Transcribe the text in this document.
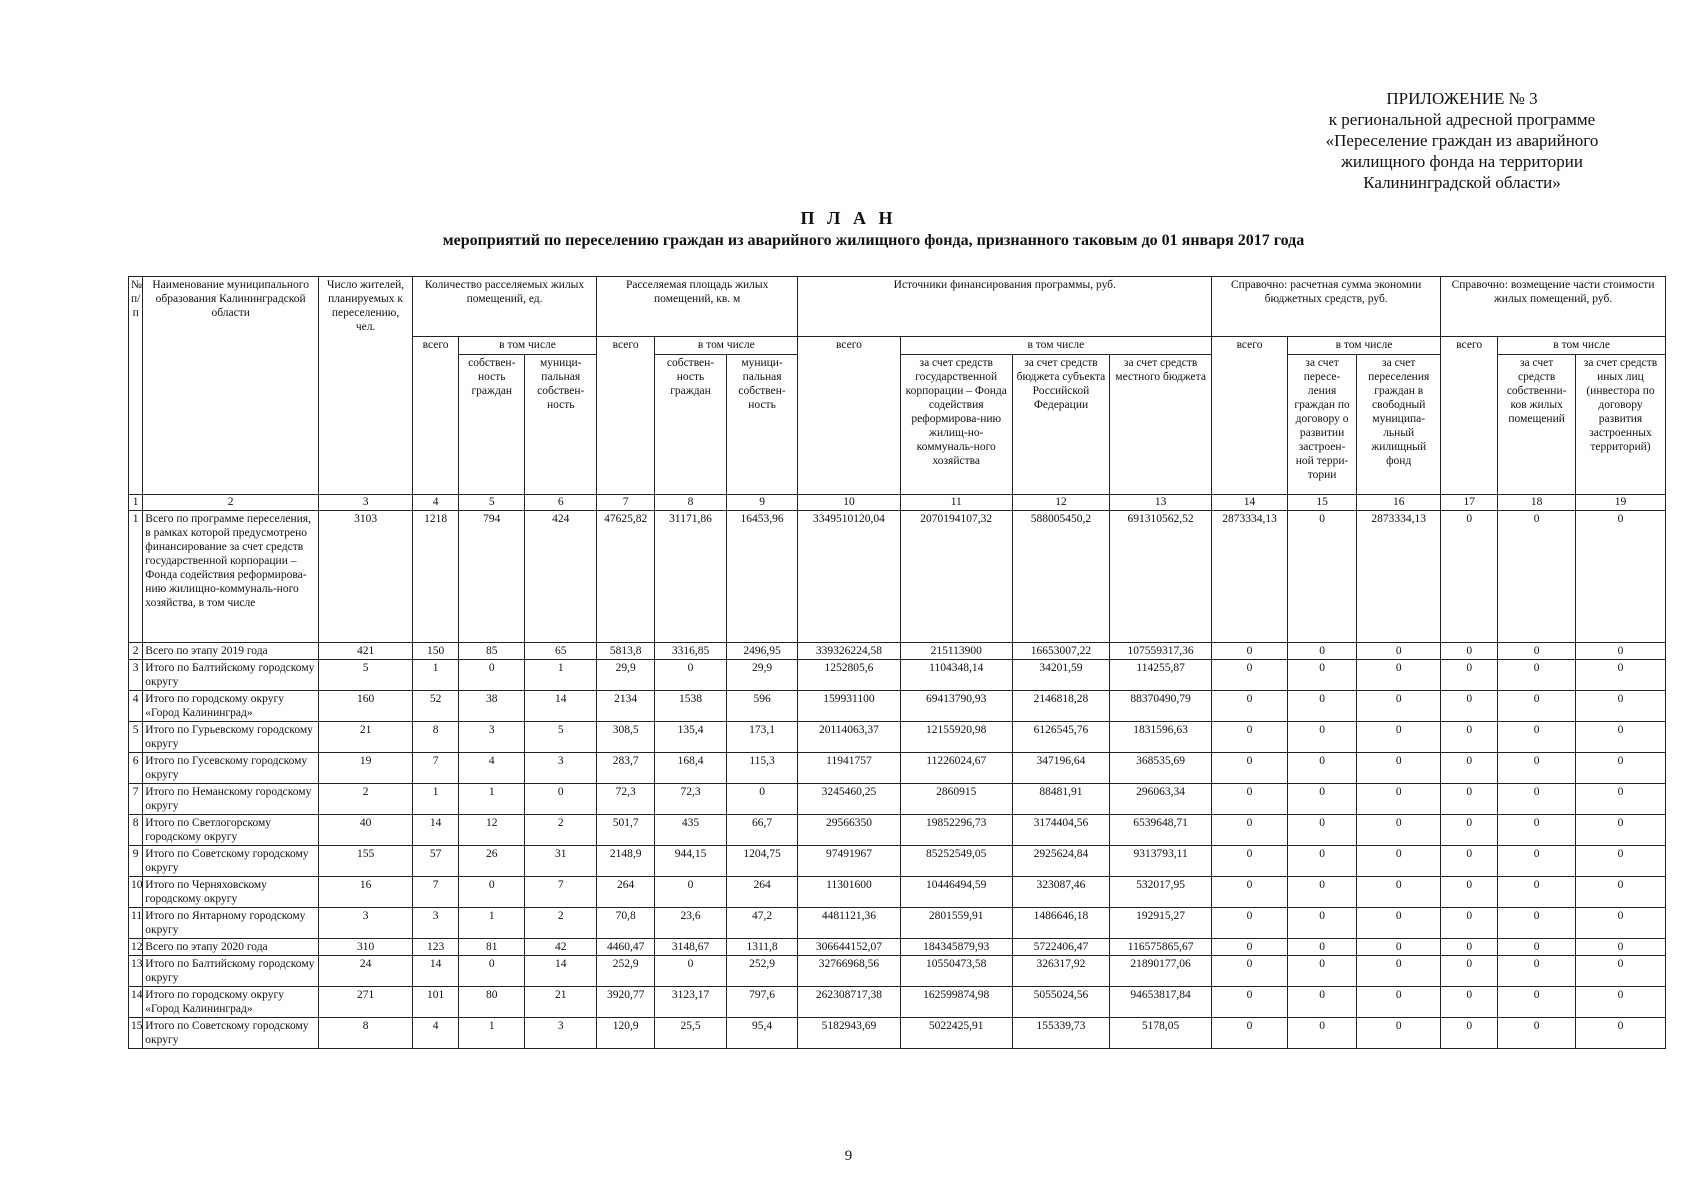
ПРИЛОЖЕНИЕ № 3
к региональной адресной программе
«Переселение граждан из аварийного
жилищного фонда на территории
Калининградской области»
П Л А Н
мероприятий по переселению граждан из аварийного жилищного фонда, признанного таковым до 01 января 2017 года
№ п/п	Наименование муниципального образования Калининградской области	Число жителей, планируемых к переселению, чел.	Количество расселяемых жилых помещений, ед.			Расселяемая площадь жилых помещений, кв. м			Источники финансирования программы, руб.				Справочно: расчетная сумма экономии бюджетных средств, руб.			Справочно: возмещение части стоимости жилых помещений, руб.		
			всего	в том числе		всего	в том числе		всего	в том числе			всего	в том числе		всего	в том числе	
				собствен-ность граждан	муници-пальная собствен-ность		собствен-ность граждан	муници-пальная собствен-ность		за счет средств государственной корпорации – Фонда содействия реформирова-нию жилищ-но-коммуналь-ного хозяйства	за счет средств бюджета субъекта Российской Федерации	за счет средств местного бюджета		за счет пересе-ления граждан по договору о развитии застроен-ной терри-тории	за счет переселения граждан в свободный муниципа-льный жилищный фонд		за счет средств собственни-ков жилых помещений	за счет средств иных лиц (инвестора по договору развития застроенных территорий)
1	2	3	4	5	6	7	8	9	10	11	12	13	14	15	16	17	18	19
1	Всего по программе переселения, в рамках которой предусмотрено финансирование за счет средств государственной корпорации – Фонда содействия реформирова-нию жилищно-коммуналь-ного хозяйства, в том числе	3103	1218	794	424	47625,82	31171,86	16453,96	3349510120,04	2070194107,32	588005450,2	691310562,52	2873334,13	0	2873334,13	0	0	0
2	Всего по этапу 2019 года	421	150	85	65	5813,8	3316,85	2496,95	339326224,58	215113900	16653007,22	107559317,36	0	0	0	0	0	0
3	Итого по Балтийскому городскому округу	5	1	0	1	29,9	0	29,9	1252805,6	1104348,14	34201,59	114255,87	0	0	0	0	0	0
4	Итого по городскому округу «Город Калининград»	160	52	38	14	2134	1538	596	159931100	69413790,93	2146818,28	88370490,79	0	0	0	0	0	0
5	Итого по Гурьевскому городскому округу	21	8	3	5	308,5	135,4	173,1	20114063,37	12155920,98	6126545,76	1831596,63	0	0	0	0	0	0
6	Итого по Гусевскому городскому округу	19	7	4	3	283,7	168,4	115,3	11941757	11226024,67	347196,64	368535,69	0	0	0	0	0	0
7	Итого по Неманскому городскому округу	2	1	1	0	72,3	72,3	0	3245460,25	2860915	88481,91	296063,34	0	0	0	0	0	0
8	Итого по Светлогорскому городскому округу	40	14	12	2	501,7	435	66,7	29566350	19852296,73	3174404,56	6539648,71	0	0	0	0	0	0
9	Итого по Советскому городскому округу	155	57	26	31	2148,9	944,15	1204,75	97491967	85252549,05	2925624,84	9313793,11	0	0	0	0	0	0
10	Итого по Черняховскому городскому округу	16	7	0	7	264	0	264	11301600	10446494,59	323087,46	532017,95	0	0	0	0	0	0
11	Итого по Янтарному городскому округу	3	3	1	2	70,8	23,6	47,2	4481121,36	2801559,91	1486646,18	192915,27	0	0	0	0	0	0
12	Всего по этапу 2020 года	310	123	81	42	4460,47	3148,67	1311,8	306644152,07	184345879,93	5722406,47	116575865,67	0	0	0	0	0	0
13	Итого по Балтийскому городскому округу	24	14	0	14	252,9	0	252,9	32766968,56	10550473,58	326317,92	21890177,06	0	0	0	0	0	0
14	Итого по городскому округу «Город Калининград»	271	101	80	21	3920,77	3123,17	797,6	262308717,38	162599874,98	5055024,56	94653817,84	0	0	0	0	0	0
15	Итого по Советскому городскому округу	8	4	1	3	120,9	25,5	95,4	5182943,69	5022425,91	155339,73	5178,05	0	0	0	0	0	0
9
